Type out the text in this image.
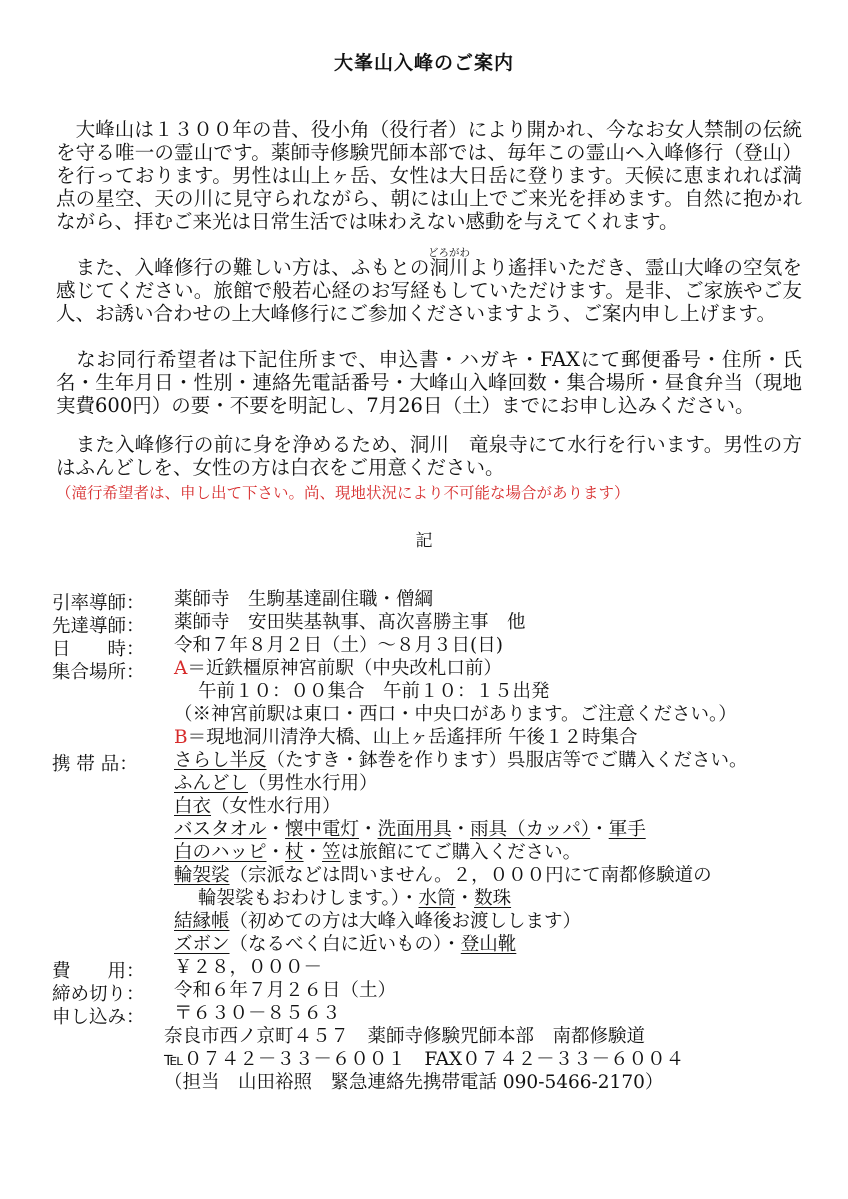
大峯山入峰のご案内
　大峰山は１３００年の昔、役小角（役行者）により開かれ、今なお女人禁制の伝統を守る唯一の霊山です。薬師寺修験咒師本部では、毎年この霊山へ入峰修行（登山）を行っております。男性は山上ヶ岳、女性は大日岳に登ります。天候に恵まれれば満点の星空、天の川に見守られながら、朝には山上でご来光を拝めます。自然に抱かれながら、拝むご来光は日常生活では味わえない感動を与えてくれます。
　また、入峰修行の難しい方は、ふもとの
どろがわ
洞川より遙拝いただき、霊山大峰の空気を感じてください。旅館で般若心経のお写経もしていただけます。是非、ご家族やご友人、お誘い合わせの上大峰修行にご参加くださいますよう、ご案内申し上げます。
　なお同行希望者は下記住所まで、申込書・ハガキ・FAXにて郵便番号・住所・氏名・生年月日・性別・連絡先電話番号・大峰山入峰回数・集合場所・昼食弁当（現地実費600円）の要・不要を明記し、7月26日（土）までにお申し込みください。
　また入峰修行の前に身を浄めるため、洞川　竜泉寺にて水行を行います。男性の方はふんどしを、女性の方は白衣をご用意ください。
（滝行希望者は、申し出て下さい。尚、現地状況により不可能な場合があります）
記
引率導師： 薬師寺　生駒基達副住職・僧綱
先達導師： 薬師寺　安田奘基執事、髙次喜勝主事　他
日　　時： 令和７年８月２日（土）～８月３日(日)
集合場所： A＝近鉄橿原神宮前駅（中央改札口前）
午前１０：００集合　午前１０：１５出発
（※神宮前駅は東口・西口・中央口があります。ご注意ください。）
B＝現地洞川清浄大橋、山上ヶ岳遙拝所 午後１２時集合
携 帯 品： さらし半反（たすき・鉢巻を作ります）呉服店等でご購入ください。
ふんどし（男性水行用）
白衣（女性水行用）
バスタオル・懐中電灯・洗面用具・雨具（カッパ）・軍手
白のハッピ・杖・笠は旅館にてご購入ください。
輪袈裟（宗派などは問いません。２，０００円にて南都修験道の
輪袈裟もおわけします。）・水筒・数珠
結縁帳（初めての方は大峰入峰後お渡しします）
ズボン（なるべく白に近いもの）・登山靴
費　　用： ￥２８，０００－
締め切り： 令和６年７月２６日（土）
申し込み： 〒６３０－８５６３
奈良市西ノ京町４５７　薬師寺修験咒師本部　南都修験道
℡０７４２－３３－６００１　FAX０７４２－３３－６００４
（担当　山田裕照　緊急連絡先携帯電話 090-5466-2170）
